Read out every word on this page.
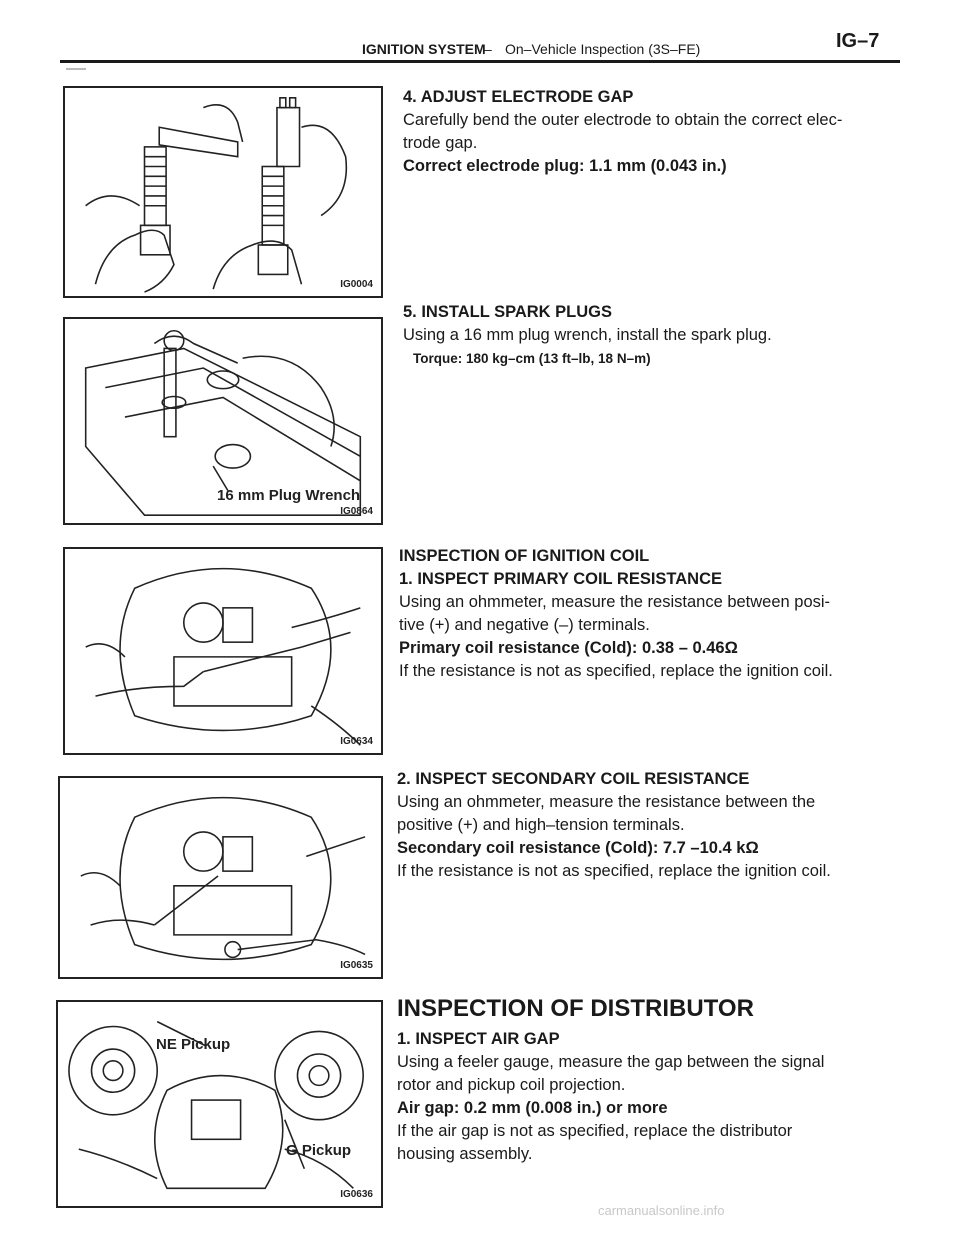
IGNITION SYSTEM
– On–Vehicle Inspection (3S–FE)	IG–7
IG0004
16 mm Plug Wrench
IG0864
IG0634
IG0635
NE Pickup
G Pickup
IG0636

4. ADJUST ELECTRODE GAP

Carefully bend the outer electrode to obtain the correct elec-

trode gap.

Correct electrode plug: 1.1 mm (0.043 in.)

5. INSTALL SPARK PLUGS

Using a 16 mm plug wrench, install the spark plug.

Torque: 180 kg–cm (13 ft–lb, 18 N–m)

INSPECTION OF IGNITION COIL

1. INSPECT PRIMARY COIL RESISTANCE

Using an ohmmeter, measure the resistance between posi-

tive (+) and negative (–) terminals.

Primary coil resistance (Cold): 0.38 – 0.46Ω

If the resistance is not as specified, replace the ignition coil.

2. INSPECT SECONDARY COIL RESISTANCE

Using an ohmmeter, measure the resistance between the

positive (+) and high–tension terminals.

Secondary coil resistance (Cold): 7.7 –10.4 kΩ

If the resistance is not as specified, replace the ignition coil.

INSPECTION OF DISTRIBUTOR

1. INSPECT AIR GAP

Using a feeler gauge, measure the gap between the signal

rotor and pickup coil projection.

Air gap: 0.2 mm (0.008 in.) or more

If the air gap is not as specified, replace the distributor

housing assembly.

carmanualsonline.info
